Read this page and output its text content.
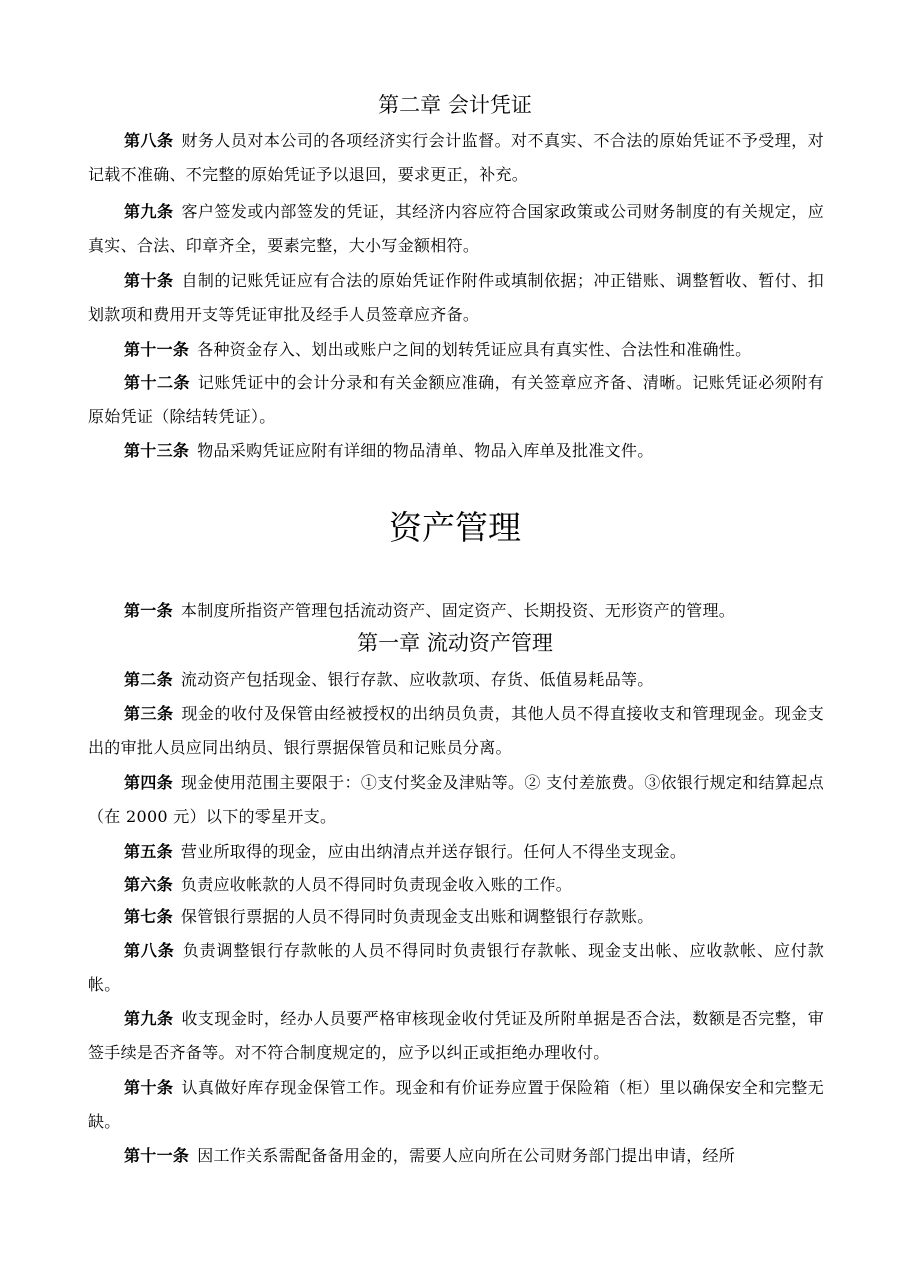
第二章 会计凭证

第八条 财务人员对本公司的各项经济实行会计监督。对不真实、不合法的原始凭证不予受理，对记载不准确、不完整的原始凭证予以退回，要求更正，补充。

第九条 客户签发或内部签发的凭证，其经济内容应符合国家政策或公司财务制度的有关规定，应真实、合法、印章齐全，要素完整，大小写金额相符。

第十条 自制的记账凭证应有合法的原始凭证作附件或填制依据；冲正错账、调整暂收、暂付、扣划款项和费用开支等凭证审批及经手人员签章应齐备。

第十一条 各种资金存入、划出或账户之间的划转凭证应具有真实性、合法性和准确性。

第十二条 记账凭证中的会计分录和有关金额应准确，有关签章应齐备、清晰。记账凭证必须附有原始凭证（除结转凭证）。

第十三条 物品采购凭证应附有详细的物品清单、物品入库单及批准文件。

资产管理

第一条 本制度所指资产管理包括流动资产、固定资产、长期投资、无形资产的管理。

第一章 流动资产管理

第二条 流动资产包括现金、银行存款、应收款项、存货、低值易耗品等。

第三条 现金的收付及保管由经被授权的出纳员负责，其他人员不得直接收支和管理现金。现金支出的审批人员应同出纳员、银行票据保管员和记账员分离。

第四条 现金使用范围主要限于：①支付奖金及津贴等。② 支付差旅费。③依银行规定和结算起点（在 2000 元）以下的零星开支。

第五条 营业所取得的现金，应由出纳清点并送存银行。任何人不得坐支现金。

第六条 负责应收帐款的人员不得同时负责现金收入账的工作。

第七条 保管银行票据的人员不得同时负责现金支出账和调整银行存款账。

第八条 负责调整银行存款帐的人员不得同时负责银行存款帐、现金支出帐、应收款帐、应付款帐。

第九条 收支现金时，经办人员要严格审核现金收付凭证及所附单据是否合法，数额是否完整，审签手续是否齐备等。对不符合制度规定的，应予以纠正或拒绝办理收付。

第十条 认真做好库存现金保管工作。现金和有价证券应置于保险箱（柜）里以确保安全和完整无缺。

第十一条 因工作关系需配备备用金的，需要人应向所在公司财务部门提出申请，经所
